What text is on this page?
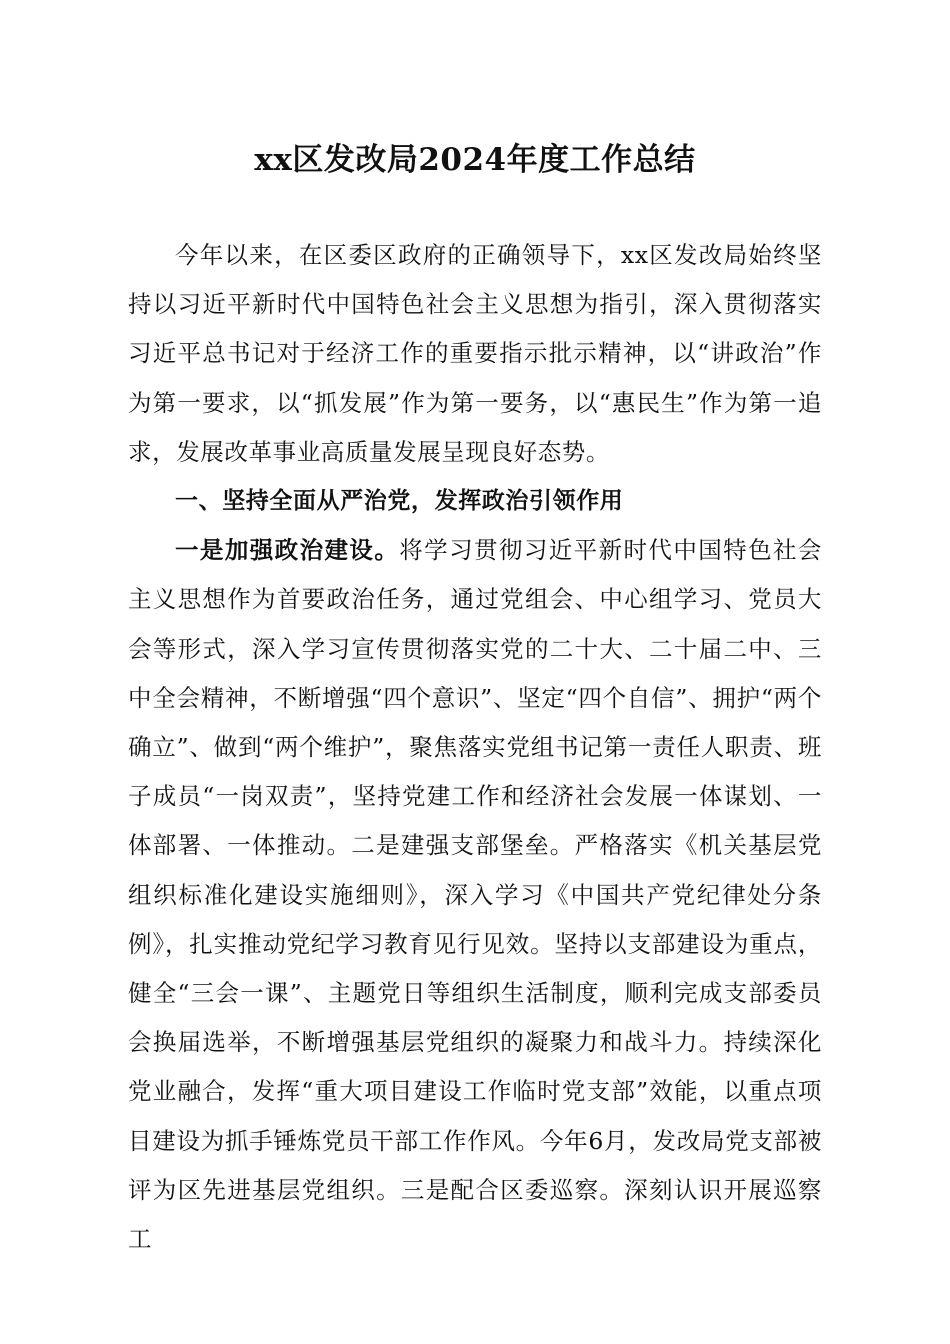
xx区发改局2024年度工作总结

今年以来，在区委区政府的正确领导下，xx区发改局始终坚持以习近平新时代中国特色社会主义思想为指引，深入贯彻落实习近平总书记对于经济工作的重要指示批示精神，以“讲政治”作为第一要求，以“抓发展”作为第一要务，以“惠民生”作为第一追求，发展改革事业高质量发展呈现良好态势。

一、坚持全面从严治党，发挥政治引领作用

一是加强政治建设。将学习贯彻习近平新时代中国特色社会主义思想作为首要政治任务，通过党组会、中心组学习、党员大会等形式，深入学习宣传贯彻落实党的二十大、二十届二中、三中全会精神，不断增强“四个意识”、坚定“四个自信”、拥护“两个确立”、做到“两个维护”，聚焦落实党组书记第一责任人职责、班子成员“一岗双责”，坚持党建工作和经济社会发展一体谋划、一体部署、一体推动。二是建强支部堡垒。严格落实《机关基层党组织标准化建设实施细则》，深入学习《中国共产党纪律处分条例》，扎实推动党纪学习教育见行见效。坚持以支部建设为重点，健全“三会一课”、主题党日等组织生活制度，顺利完成支部委员会换届选举，不断增强基层党组织的凝聚力和战斗力。持续深化党业融合，发挥“重大项目建设工作临时党支部”效能，以重点项目建设为抓手锤炼党员干部工作作风。今年6月，发改局党支部被评为区先进基层党组织。三是配合区委巡察。深刻认识开展巡察工
